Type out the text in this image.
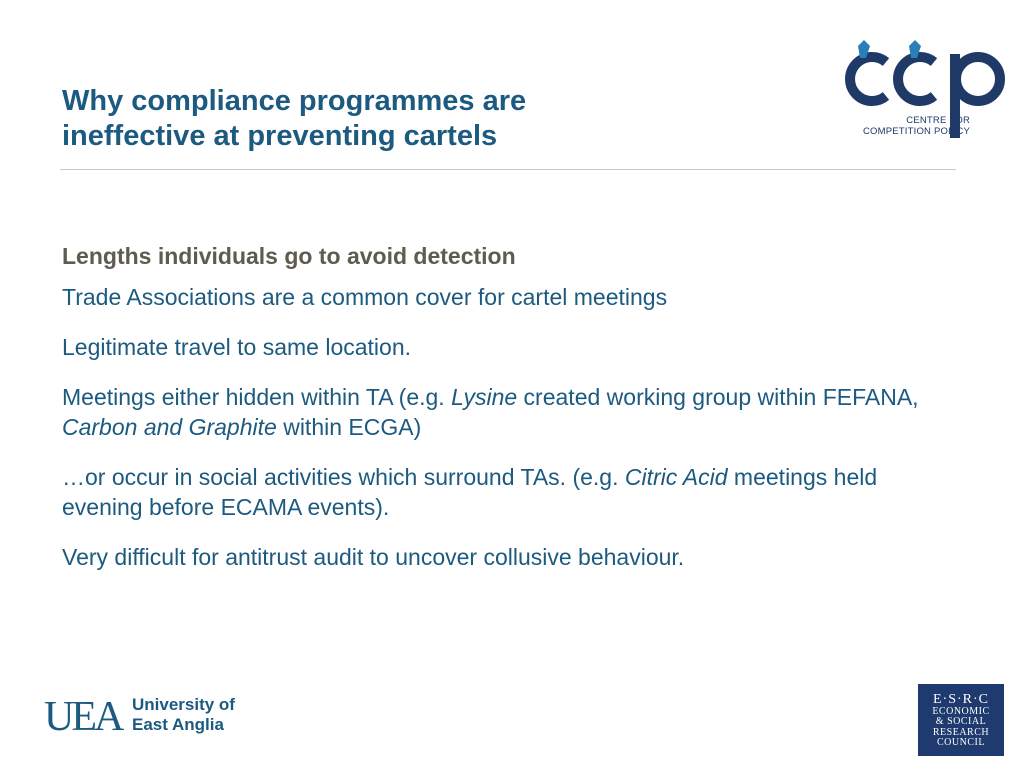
Why compliance programmes are
ineffective at preventing cartels	CENTRE FOR
COMPETITION POLICY
Lengths individuals go to avoid detection

Trade Associations are a common cover for cartel meetings

Legitimate travel to same location.

Meetings either hidden within TA (e.g. Lysine created working group within FEFANA, Carbon and Graphite within ECGA)

…or occur in social activities which surround TAs. (e.g. Citric Acid meetings held evening before ECAMA events).

Very difficult for antitrust audit to uncover collusive behaviour.

UEA University of
East Anglia
E·S·R·C
ECONOMIC
& SOCIAL
RESEARCH
COUNCIL
